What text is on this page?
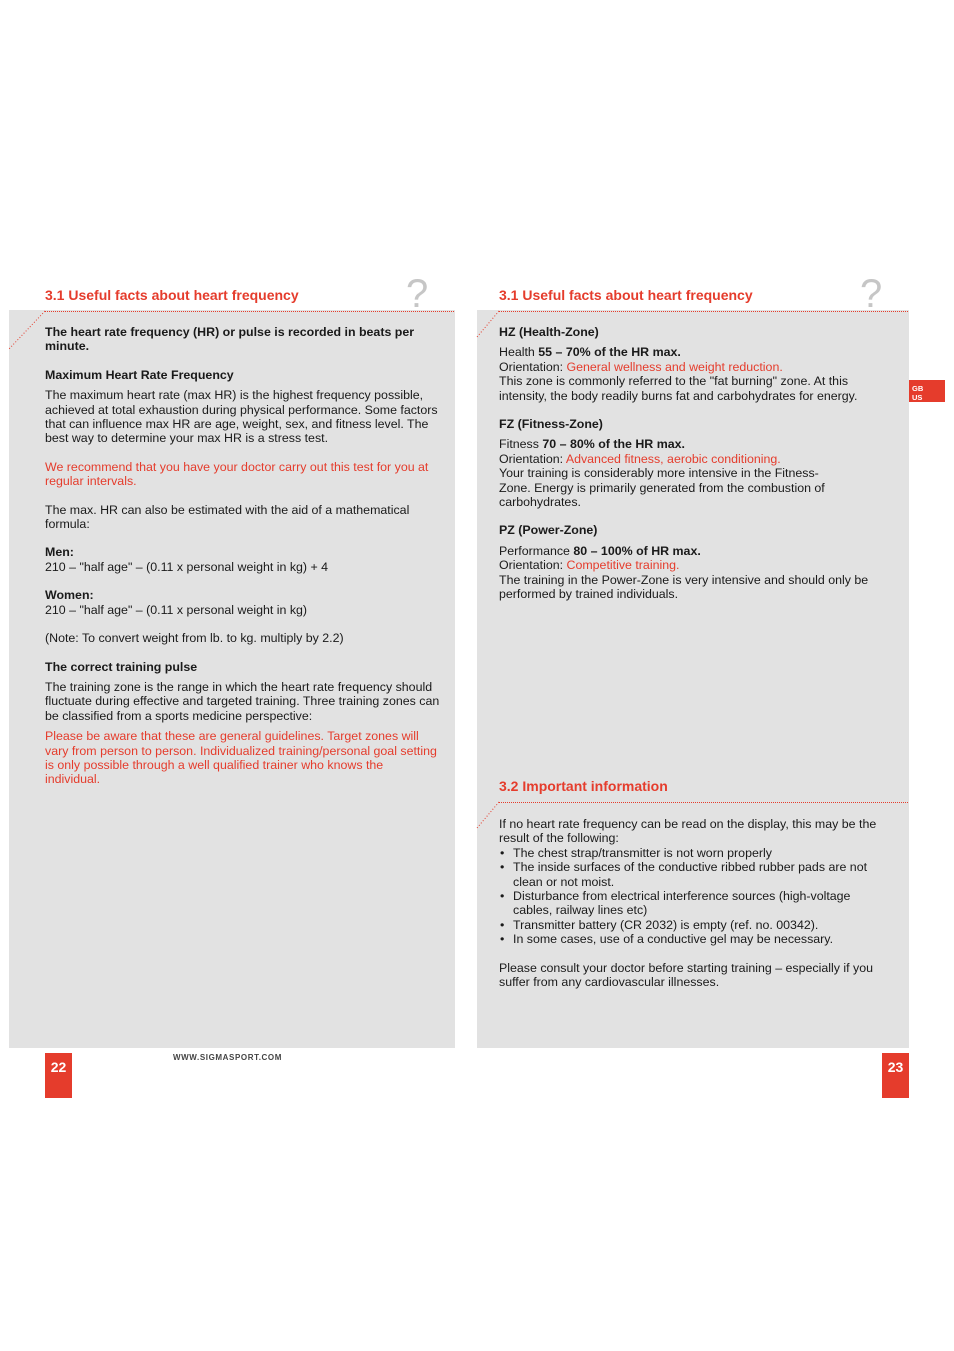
3.1 Useful facts about heart frequency	?

The heart rate frequency (HR) or pulse is recorded in beats per minute.

Maximum Heart Rate Frequency

The maximum heart rate (max HR) is the highest frequency possible, achieved at total exhaustion during physical performance. Some factors that can influence max HR are age, weight, sex, and fitness level. The best way to determine your max HR is a stress test.

We recommend that you have your doctor carry out this test for you at regular intervals.

The max. HR can also be estimated with the aid of a mathematical formula:

Men:

210 – "half age" – (0.11 x personal weight in kg) + 4

Women:

210 – "half age" – (0.11 x personal weight in kg)

(Note: To convert weight from lb. to kg. multiply by 2.2)

The correct training pulse

The training zone is the range in which the heart rate frequency should fluctuate during effective and targeted training. Three training zones can be classified from a sports medicine perspective:

Please be aware that these are general guidelines. Target zones will vary from person to person. Individualized training/personal goal setting is only possible through a well qualified trainer who knows the individual.

22
WWW.SIGMASPORT.COM
3.1 Useful facts about heart frequency	?

HZ (Health-Zone)

Health 55 – 70% of the HR max.

Orientation: General wellness and weight reduction.

This zone is commonly referred to the "fat burning" zone. At this intensity, the body readily burns fat and carbohydrates for energy.

FZ (Fitness-Zone)

Fitness 70 – 80% of the HR max.

Orientation: Advanced fitness, aerobic conditioning.

Your training is considerably more intensive in the Fitness-Zone. Energy is primarily generated from the combustion of carbohydrates.

PZ (Power-Zone)

Performance 80 – 100% of HR max.

Orientation: Competitive training.

The training in the Power-Zone is very intensive and should only be performed by trained individuals.

3.2 Important information

If no heart rate frequency can be read on the display, this may be the result of the following:

• The chest strap/transmitter is not worn properly
• The inside surfaces of the conductive ribbed rubber pads are not clean or not moist.
• Disturbance from electrical interference sources (high-voltage cables, railway lines etc)
• Transmitter battery (CR 2032) is empty (ref. no. 00342).
• In some cases, use of a conductive gel may be necessary.

Please consult your doctor before starting training – especially if you suffer from any cardiovascular illnesses.

23
GB
US
